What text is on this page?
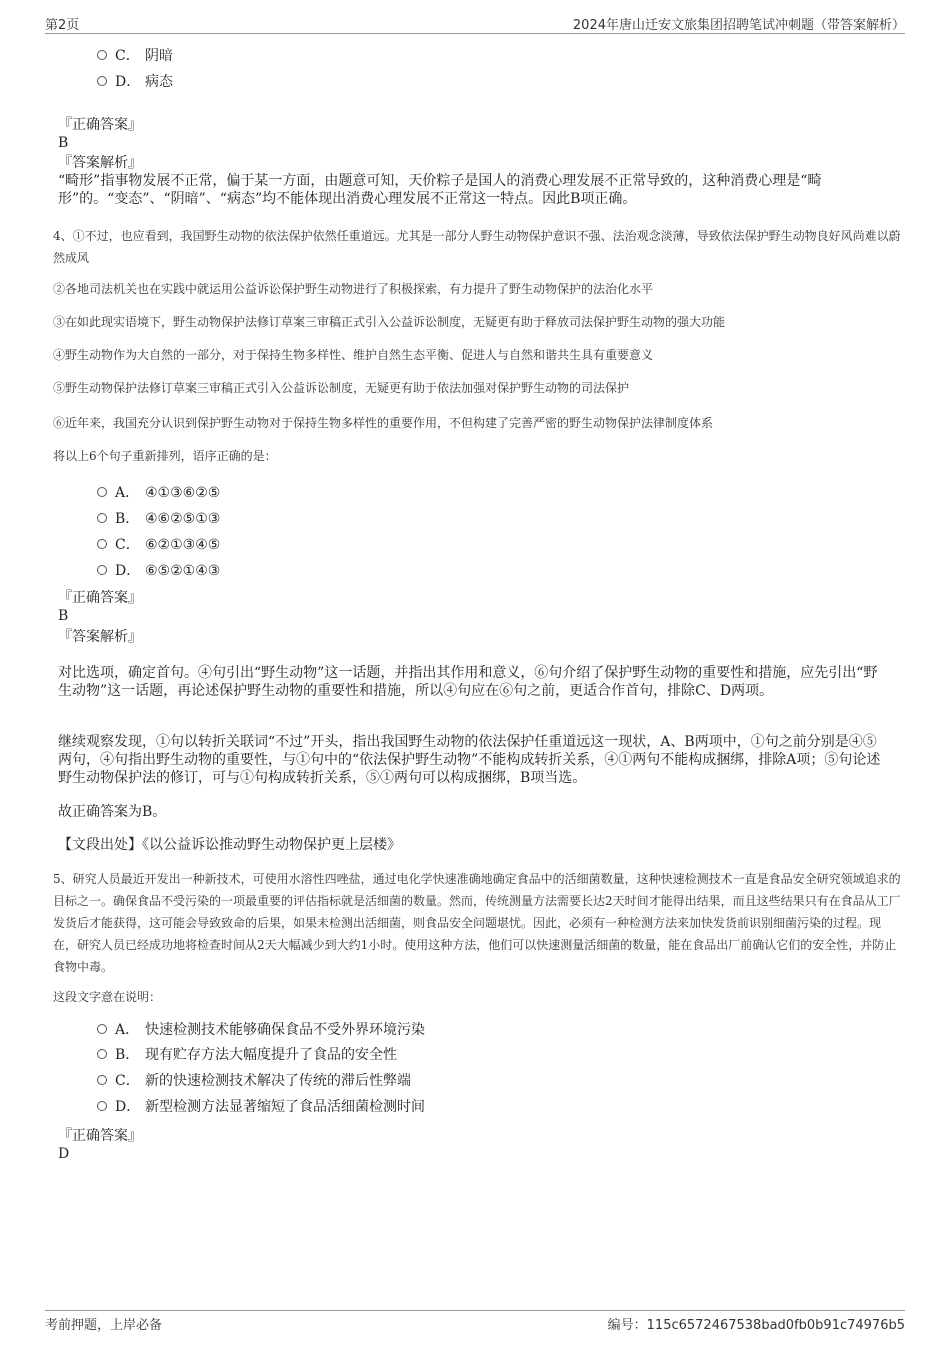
第2页	2024年唐山迁安文旅集团招聘笔试冲刺题（带答案解析）
C． 阴暗
D． 病态
『正确答案』
B
『答案解析』
“畸形”指事物发展不正常，偏于某一方面，由题意可知，天价粽子是国人的消费心理发展不正常导致的，这种消费心理是“畸形”的。“变态”、“阴暗”、“病态”均不能体现出消费心理发展不正常这一特点。因此B项正确。
4、①不过，也应看到，我国野生动物的依法保护依然任重道远。尤其是一部分人野生动物保护意识不强、法治观念淡薄，导致依法保护野生动物良好风尚难以蔚然成风
②各地司法机关也在实践中就运用公益诉讼保护野生动物进行了积极探索，有力提升了野生动物保护的法治化水平
③在如此现实语境下，野生动物保护法修订草案三审稿正式引入公益诉讼制度，无疑更有助于释放司法保护野生动物的强大功能
④野生动物作为大自然的一部分，对于保持生物多样性、维护自然生态平衡、促进人与自然和谐共生具有重要意义
⑤野生动物保护法修订草案三审稿正式引入公益诉讼制度，无疑更有助于依法加强对保护野生动物的司法保护
⑥近年来，我国充分认识到保护野生动物对于保持生物多样性的重要作用，不但构建了完善严密的野生动物保护法律制度体系
将以上6个句子重新排列，语序正确的是：
A． ④①③⑥②⑤
B． ④⑥②⑤①③
C． ⑥②①③④⑤
D． ⑥⑤②①④③
『正确答案』
B
『答案解析』
对比选项，确定首句。④句引出“野生动物”这一话题，并指出其作用和意义，⑥句介绍了保护野生动物的重要性和措施，应先引出“野生动物”这一话题，再论述保护野生动物的重要性和措施，所以④句应在⑥句之前，更适合作首句，排除C、D两项。
继续观察发现，①句以转折关联词“不过”开头，指出我国野生动物的依法保护任重道远这一现状，A、B两项中，①句之前分别是④⑤两句，④句指出野生动物的重要性，与①句中的“依法保护野生动物”不能构成转折关系，④①两句不能构成捆绑，排除A项；⑤句论述野生动物保护法的修订，可与①句构成转折关系，⑤①两句可以构成捆绑，B项当选。
故正确答案为B。
【文段出处】《以公益诉讼推动野生动物保护更上层楼》
5、研究人员最近开发出一种新技术，可使用水溶性四唑盐，通过电化学快速准确地确定食品中的活细菌数量，这种快速检测技术一直是食品安全研究领域追求的目标之一。确保食品不受污染的一项最重要的评估指标就是活细菌的数量。然而，传统测量方法需要长达2天时间才能得出结果，而且这些结果只有在食品从工厂发货后才能获得，这可能会导致致命的后果，如果未检测出活细菌，则食品安全问题堪忧。因此，必须有一种检测方法来加快发货前识别细菌污染的过程。现在，研究人员已经成功地将检查时间从2天大幅减少到大约1小时。使用这种方法，他们可以快速测量活细菌的数量，能在食品出厂前确认它们的安全性，并防止食物中毒。
这段文字意在说明：
A． 快速检测技术能够确保食品不受外界环境污染
B． 现有贮存方法大幅度提升了食品的安全性
C． 新的快速检测技术解决了传统的滞后性弊端
D． 新型检测方法显著缩短了食品活细菌检测时间
『正确答案』
D
考前押题，上岸必备	编号：115c6572467538bad0fb0b91c74976b5
